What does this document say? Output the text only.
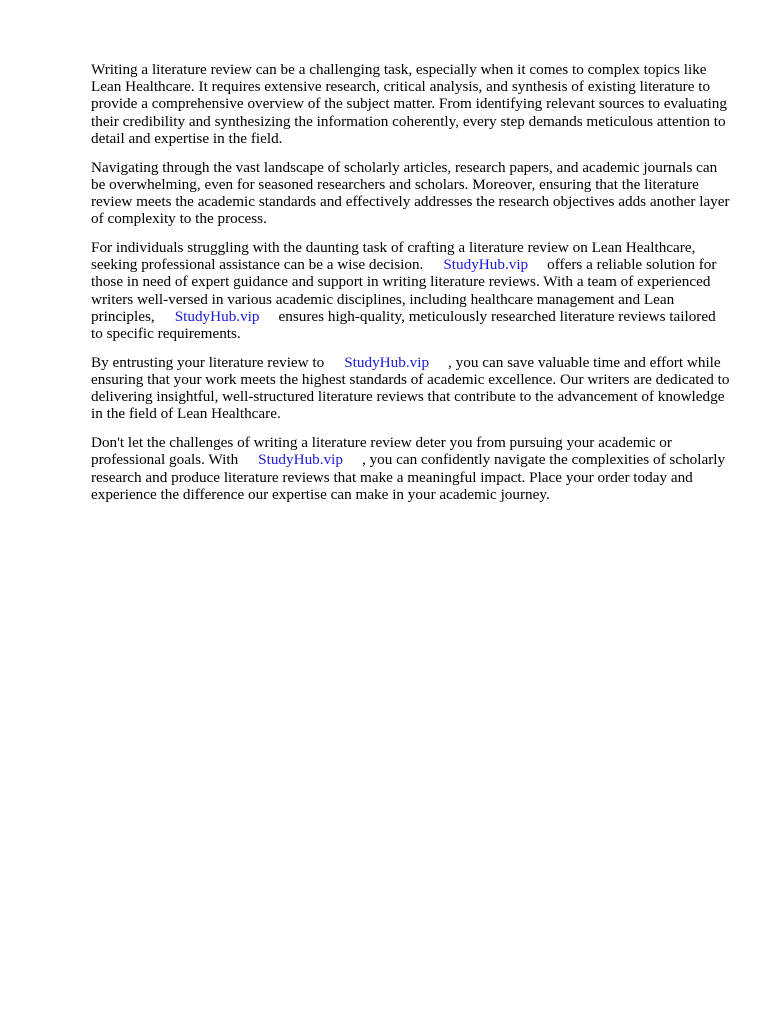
Writing a literature review can be a challenging task, especially when it comes to complex topics like Lean Healthcare. It requires extensive research, critical analysis, and synthesis of existing literature to provide a comprehensive overview of the subject matter. From identifying relevant sources to evaluating their credibility and synthesizing the information coherently, every step demands meticulous attention to detail and expertise in the field.

Navigating through the vast landscape of scholarly articles, research papers, and academic journals can be overwhelming, even for seasoned researchers and scholars. Moreover, ensuring that the literature review meets the academic standards and effectively addresses the research objectives adds another layer of complexity to the process.

For individuals struggling with the daunting task of crafting a literature review on Lean Healthcare, seeking professional assistance can be a wise decision. StudyHub.vip offers a reliable solution for those in need of expert guidance and support in writing literature reviews. With a team of experienced writers well-versed in various academic disciplines, including healthcare management and Lean principles, StudyHub.vip ensures high-quality, meticulously researched literature reviews tailored to specific requirements.

By entrusting your literature review to StudyHub.vip , you can save valuable time and effort while ensuring that your work meets the highest standards of academic excellence. Our writers are dedicated to delivering insightful, well-structured literature reviews that contribute to the advancement of knowledge in the field of Lean Healthcare.

Don't let the challenges of writing a literature review deter you from pursuing your academic or professional goals. With StudyHub.vip , you can confidently navigate the complexities of scholarly research and produce literature reviews that make a meaningful impact. Place your order today and experience the difference our expertise can make in your academic journey.
